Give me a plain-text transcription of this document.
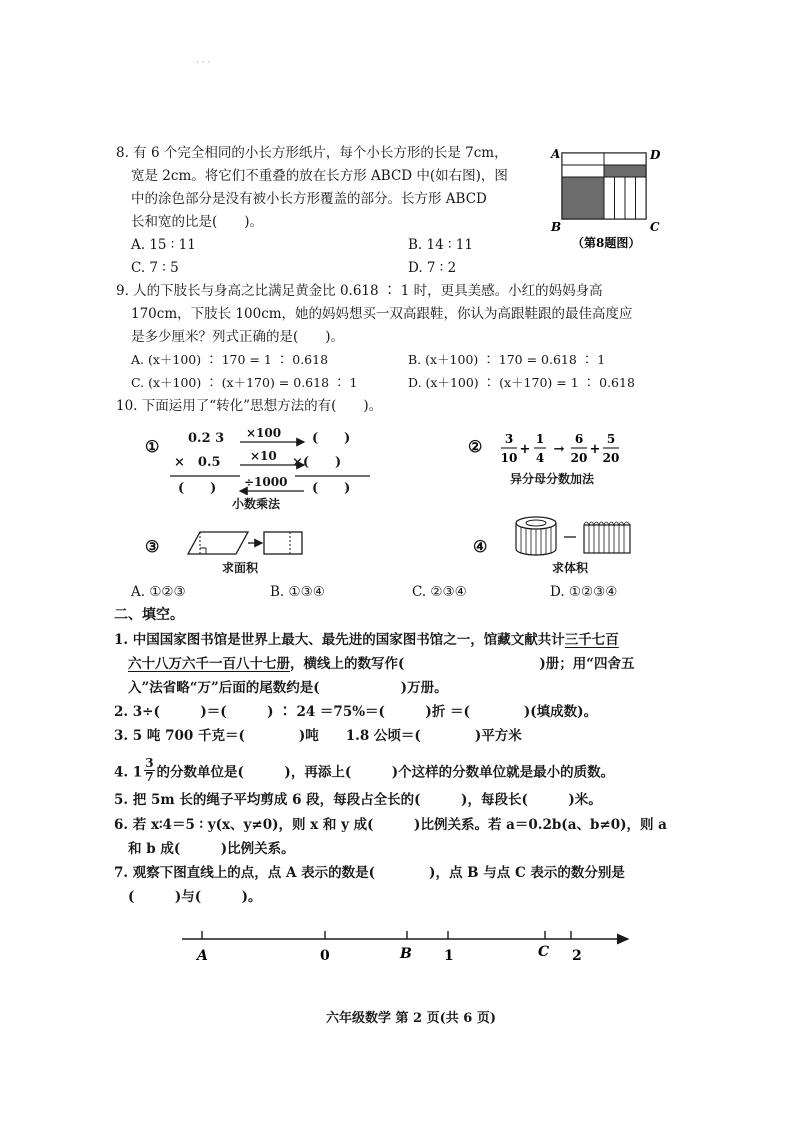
· · ·
8. 有 6 个完全相同的小长方形纸片，每个小长方形的长是 7cm，
宽是 2cm。将它们不重叠的放在长方形 ABCD 中(如右图)，图
中的涂色部分是没有被小长方形覆盖的部分。长方形 ABCD
长和宽的比是(　　)。
A. 15 ∶ 11	B. 14 ∶ 11
C. 7 ∶ 5	D. 7 ∶ 2
A	D
B	C
（第8题图）
9. 人的下肢长与身高之比满足黄金比 0.618 ∶ 1 时，更具美感。小红的妈妈身高
170cm，下肢长 100cm，她的妈妈想买一双高跟鞋，你认为高跟鞋跟的最佳高度应
是多少厘米？列式正确的是(　　)。
A. (x＋100) ∶ 170 = 1 ∶ 0.618	B. (x＋100) ∶ 170 = 0.618 ∶ 1
C. (x＋100) ∶ (x＋170) = 0.618 ∶ 1	D. (x＋100) ∶ (x＋170) = 1 ∶ 0.618
10. 下面运用了“转化”思想方法的有(　　)。
① 0.2 3
×　0.5
(　　)
(　　)
×(　　)
(　　)
×100
×10
÷1000
小数乘法
② 3
10
+
1
4
→
6
20
+
5
20
异分母分数加法
③
求面积
④
求体积
A. ①②③	B. ①③④	C. ②③④	D. ①②③④
二、填空。
1. 中国国家图书馆是世界上最大、最先进的国家图书馆之一，馆藏文献共计三千七百
六十八万六千一百八十七册，横线上的数写作(　　　　　　　　　　)册；用“四舍五
入”法省略“万”后面的尾数约是(　　　　　　)万册。
2. 3÷(　　　)＝(　　　) ∶ 24 ＝75%＝(　　　)折 ＝(　　　　)(填成数)。
3. 5 吨 700 千克＝(　　　　)吨　　1.8 公顷＝(　　　　)平方米
4. $1 \frac{3}{7}$ 的分数单位是(　　　)，再添上(　　　)个这样的分数单位就是最小的质数。
5. 把 5m 长的绳子平均剪成 6 段，每段占全长的(　　　)，每段长(　　　)米。
6. 若 x∶4＝5 ∶ y(x、y≠0)，则 x 和 y 成(　　　)比例关系。若 a＝0.2b(a、b≠0)，则 a
和 b 成(　　　)比例关系。
7. 观察下图直线上的点，点 A 表示的数是(　　　　)，点 B 与点 C 表示的数分别是
(　　　)与(　　　)。
A	0	B 1	C 2
六年级数学 第 2 页(共 6 页)
